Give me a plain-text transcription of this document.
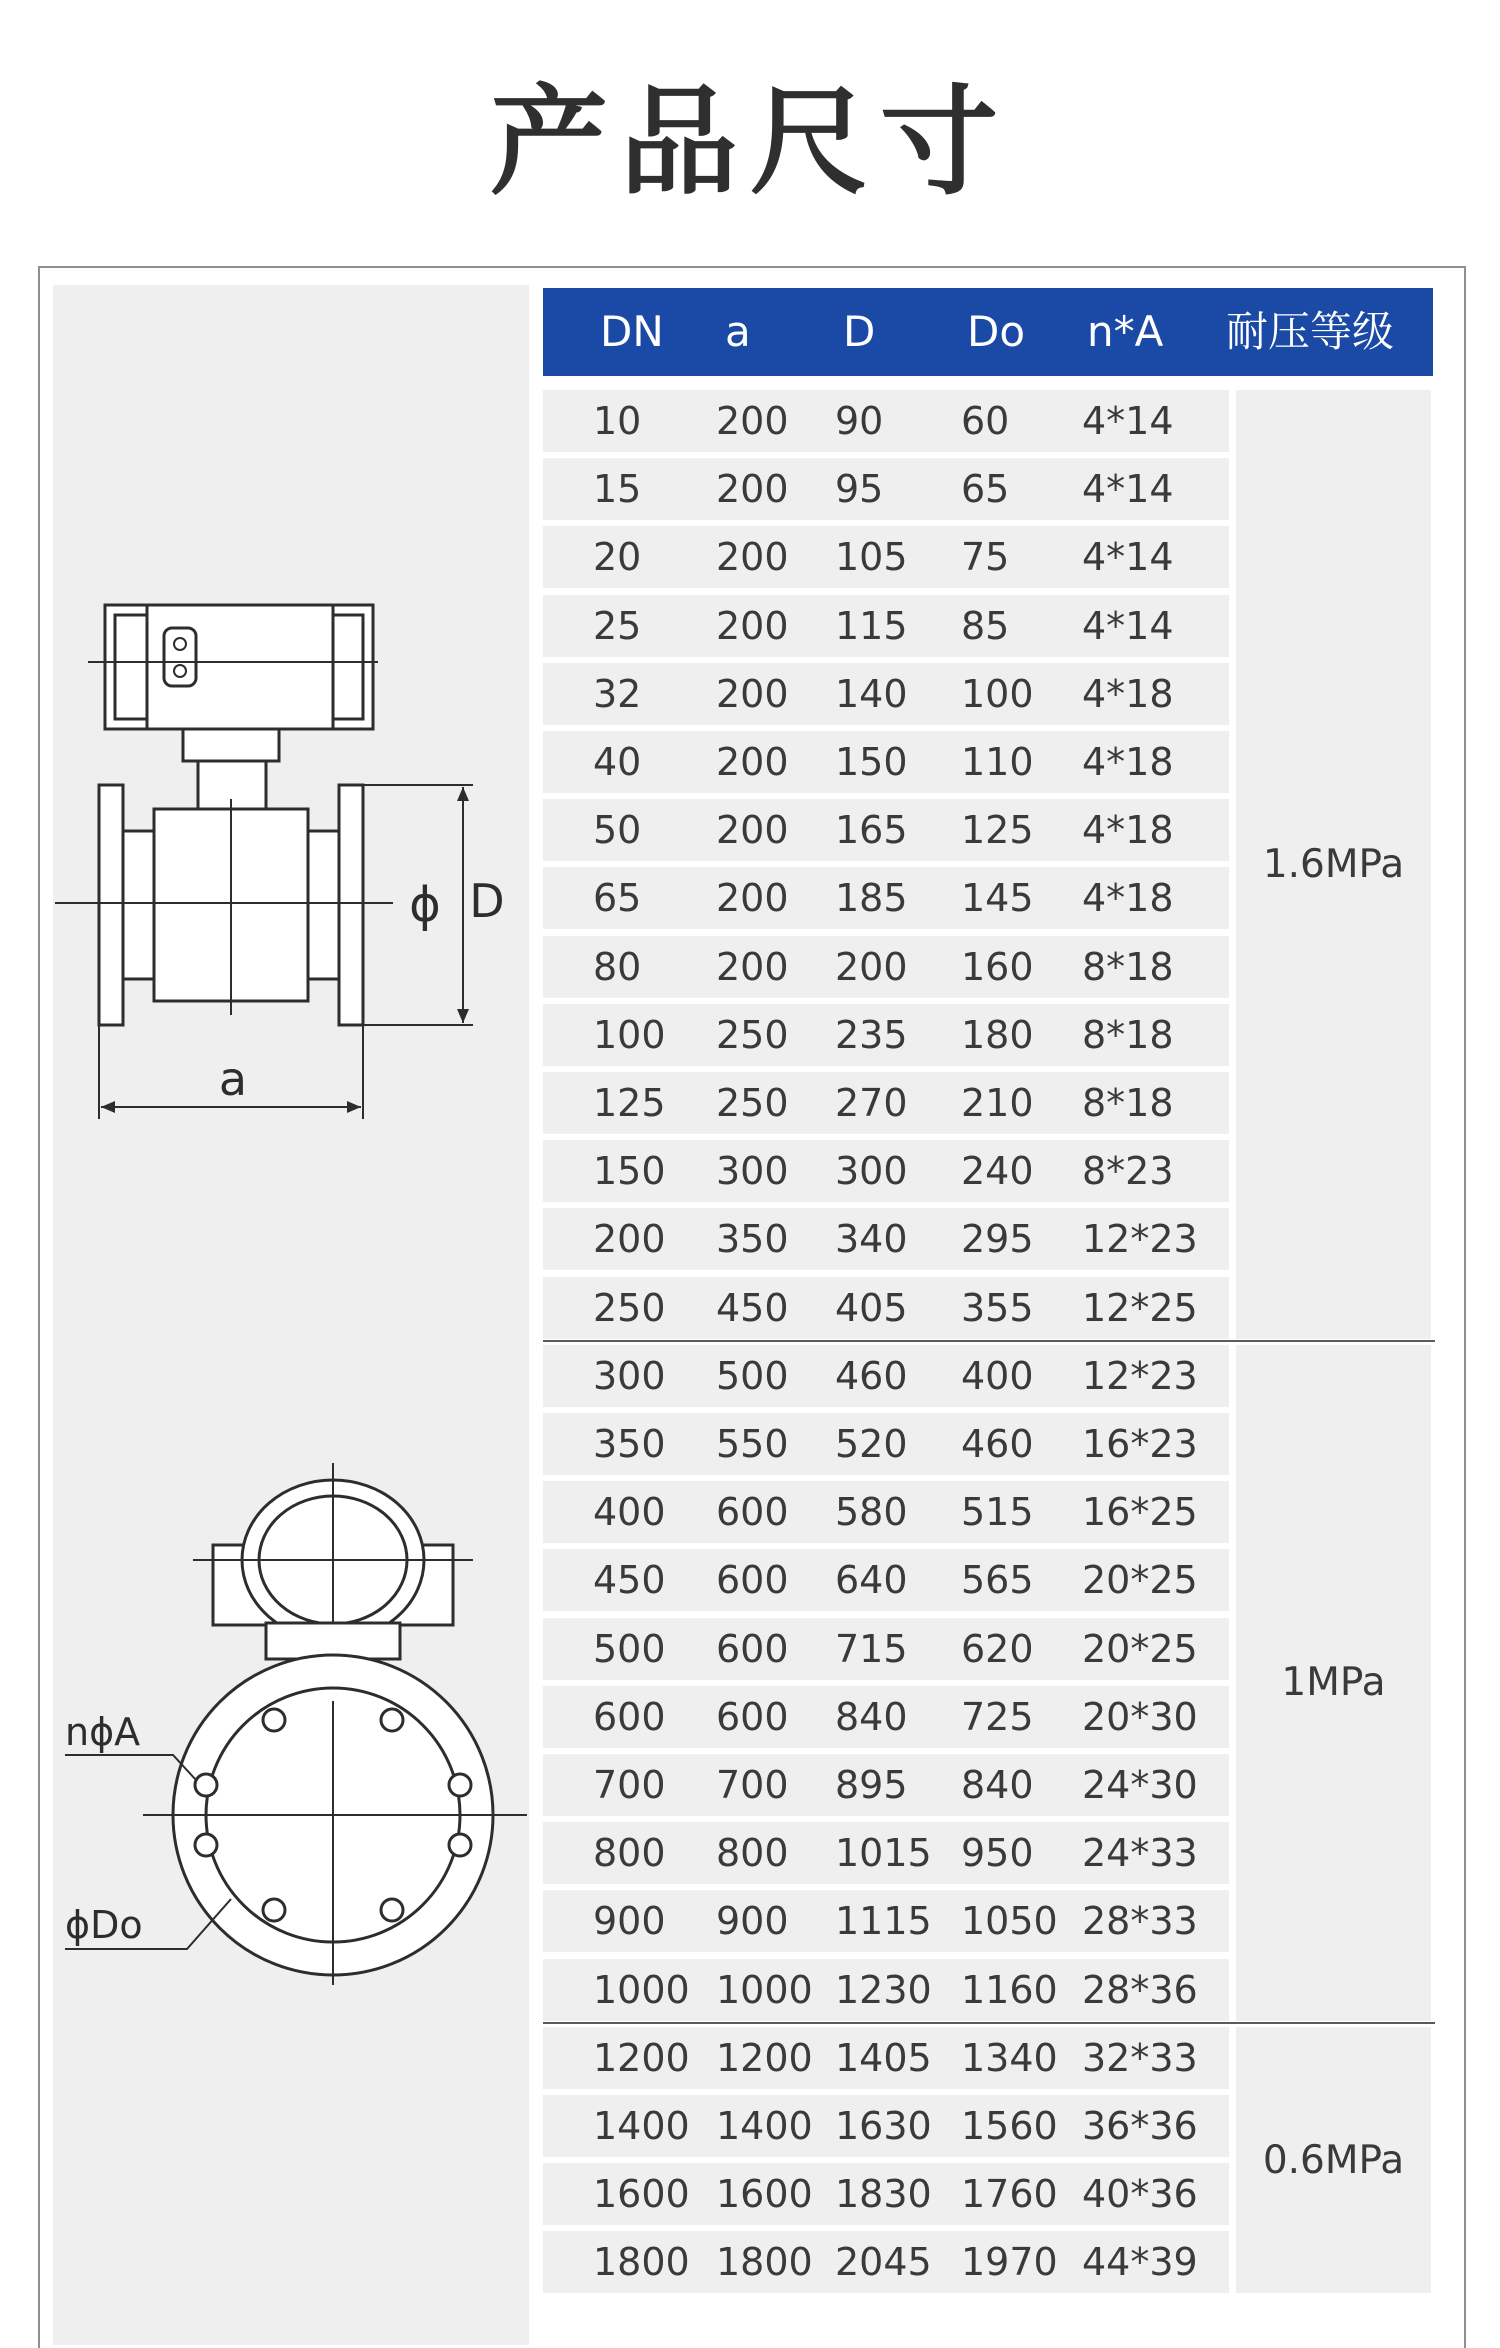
产品尺寸
ϕ D
a
nϕA
ϕDo
DN a D Do n*A 耐压等级
10 200 90 60 4*14
15 200 95 65 4*14
20 200 105 75 4*14
25 200 115 85 4*14
32 200 140 100 4*18
40 200 150 110 4*18
50 200 165 125 4*18
65 200 185 145 4*18
80 200 200 160 8*18
100 250 235 180 8*18
125 250 270 210 8*18
150 300 300 240 8*23
200 350 340 295 12*23
250 450 405 355 12*25
300 500 460 400 12*23
350 550 520 460 16*23
400 600 580 515 16*25
450 600 640 565 20*25
500 600 715 620 20*25
600 600 840 725 20*30
700 700 895 840 24*30
800 800 1015 950 24*33
900 900 1115 1050 28*33
1000 1000 1230 1160 28*36
1200 1200 1405 1340 32*33
1400 1400 1630 1560 36*36
1600 1600 1830 1760 40*36
1800 1800 2045 1970 44*39
1.6MPa
1MPa
0.6MPa
